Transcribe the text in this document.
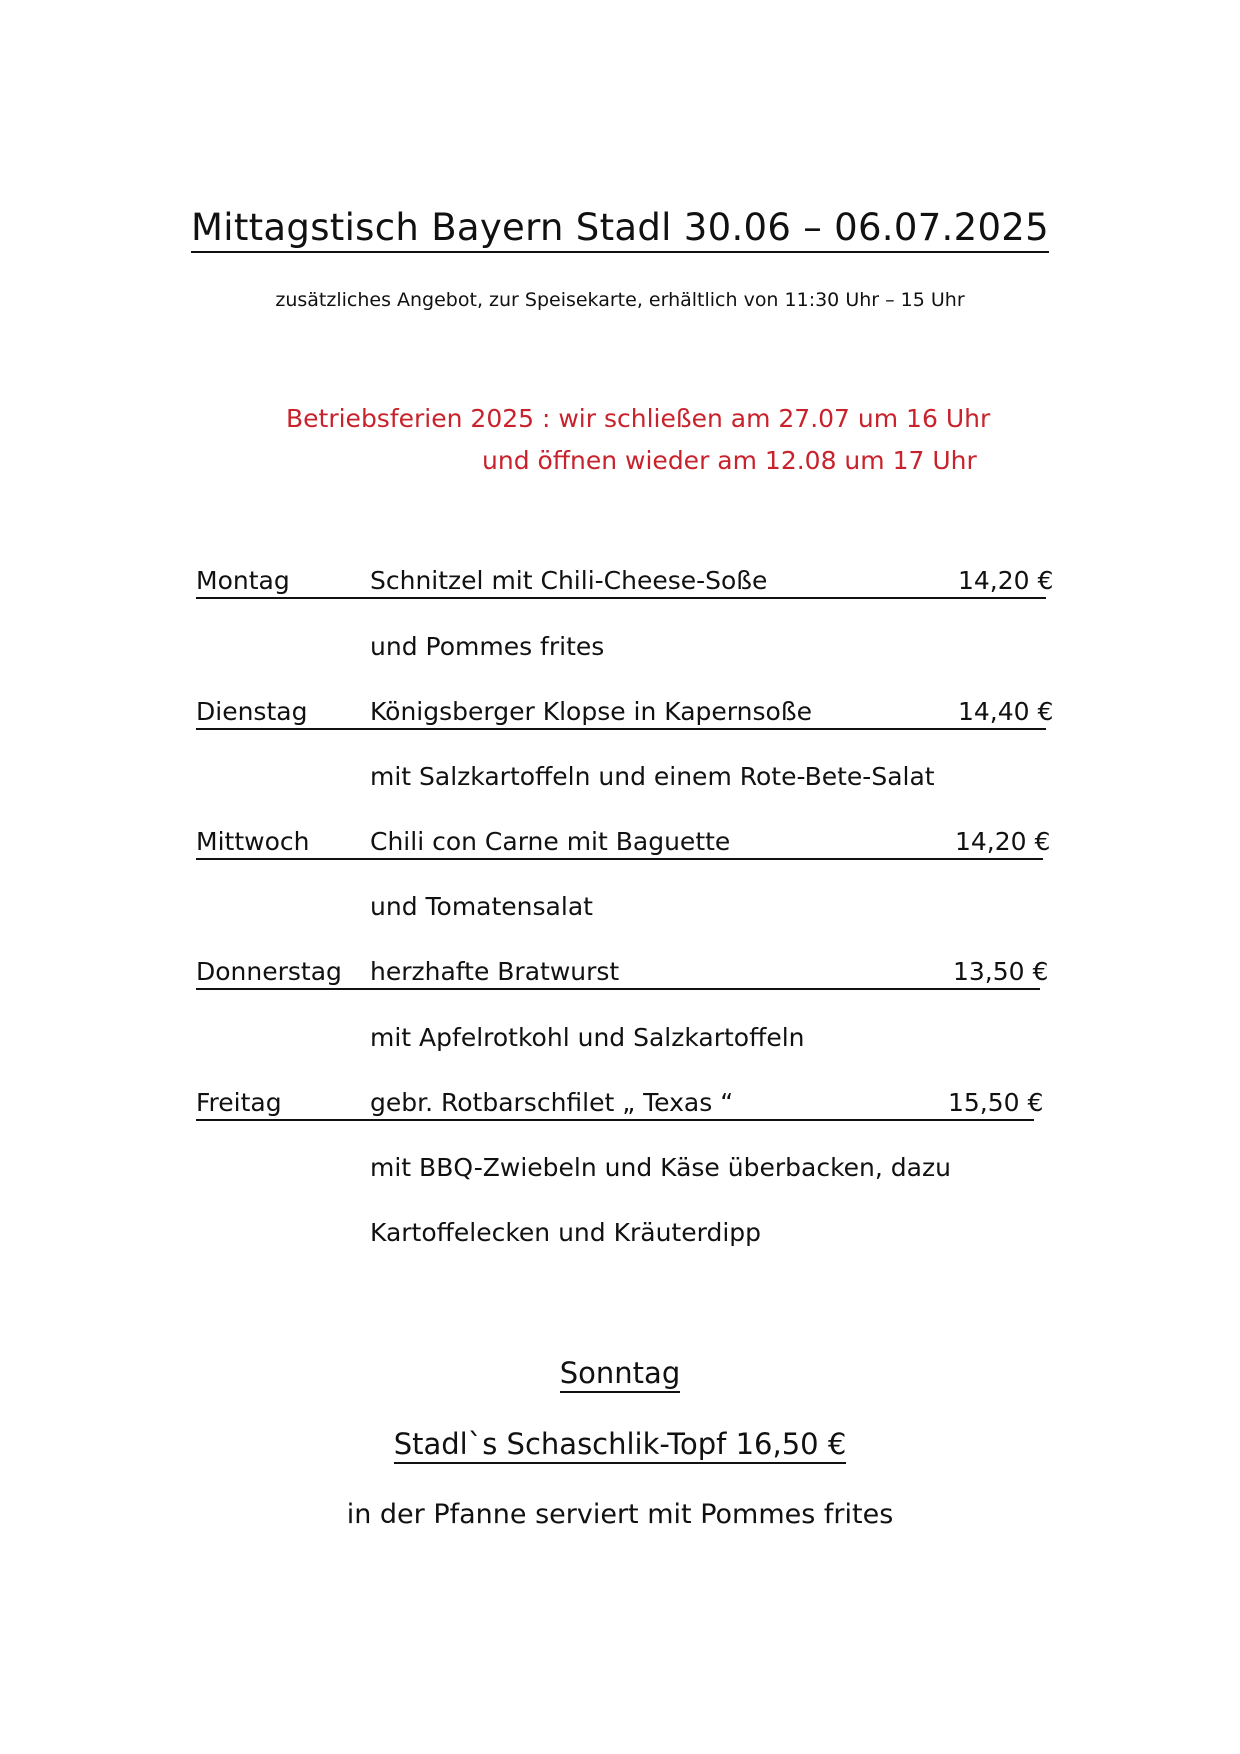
Mittagstisch Bayern Stadl 30.06 – 06.07.2025
zusätzliches Angebot, zur Speisekarte, erhältlich von 11:30 Uhr – 15 Uhr
Betriebsferien 2025 : wir schließen am 27.07 um 16 Uhr
und öffnen wieder am 12.08 um 17 Uhr
Montag	Schnitzel mit Chili-Cheese-Soße	14,20 €
und Pommes frites
Dienstag	Königsberger Klopse in Kapernsoße	14,40 €
mit Salzkartoffeln und einem Rote-Bete-Salat
Mittwoch Chili con Carne mit Baguette	14,20 €
und Tomatensalat
Donnerstag herzhafte Bratwurst	13,50 €
mit Apfelrotkohl und Salzkartoffeln
Freitag	gebr. Rotbarschfilet „ Texas “	15,50 €
mit BBQ-Zwiebeln und Käse überbacken, dazu
Kartoffelecken und Kräuterdipp
Sonntag
Stadl`s Schaschlik-Topf 16,50 €
in der Pfanne serviert mit Pommes frites
